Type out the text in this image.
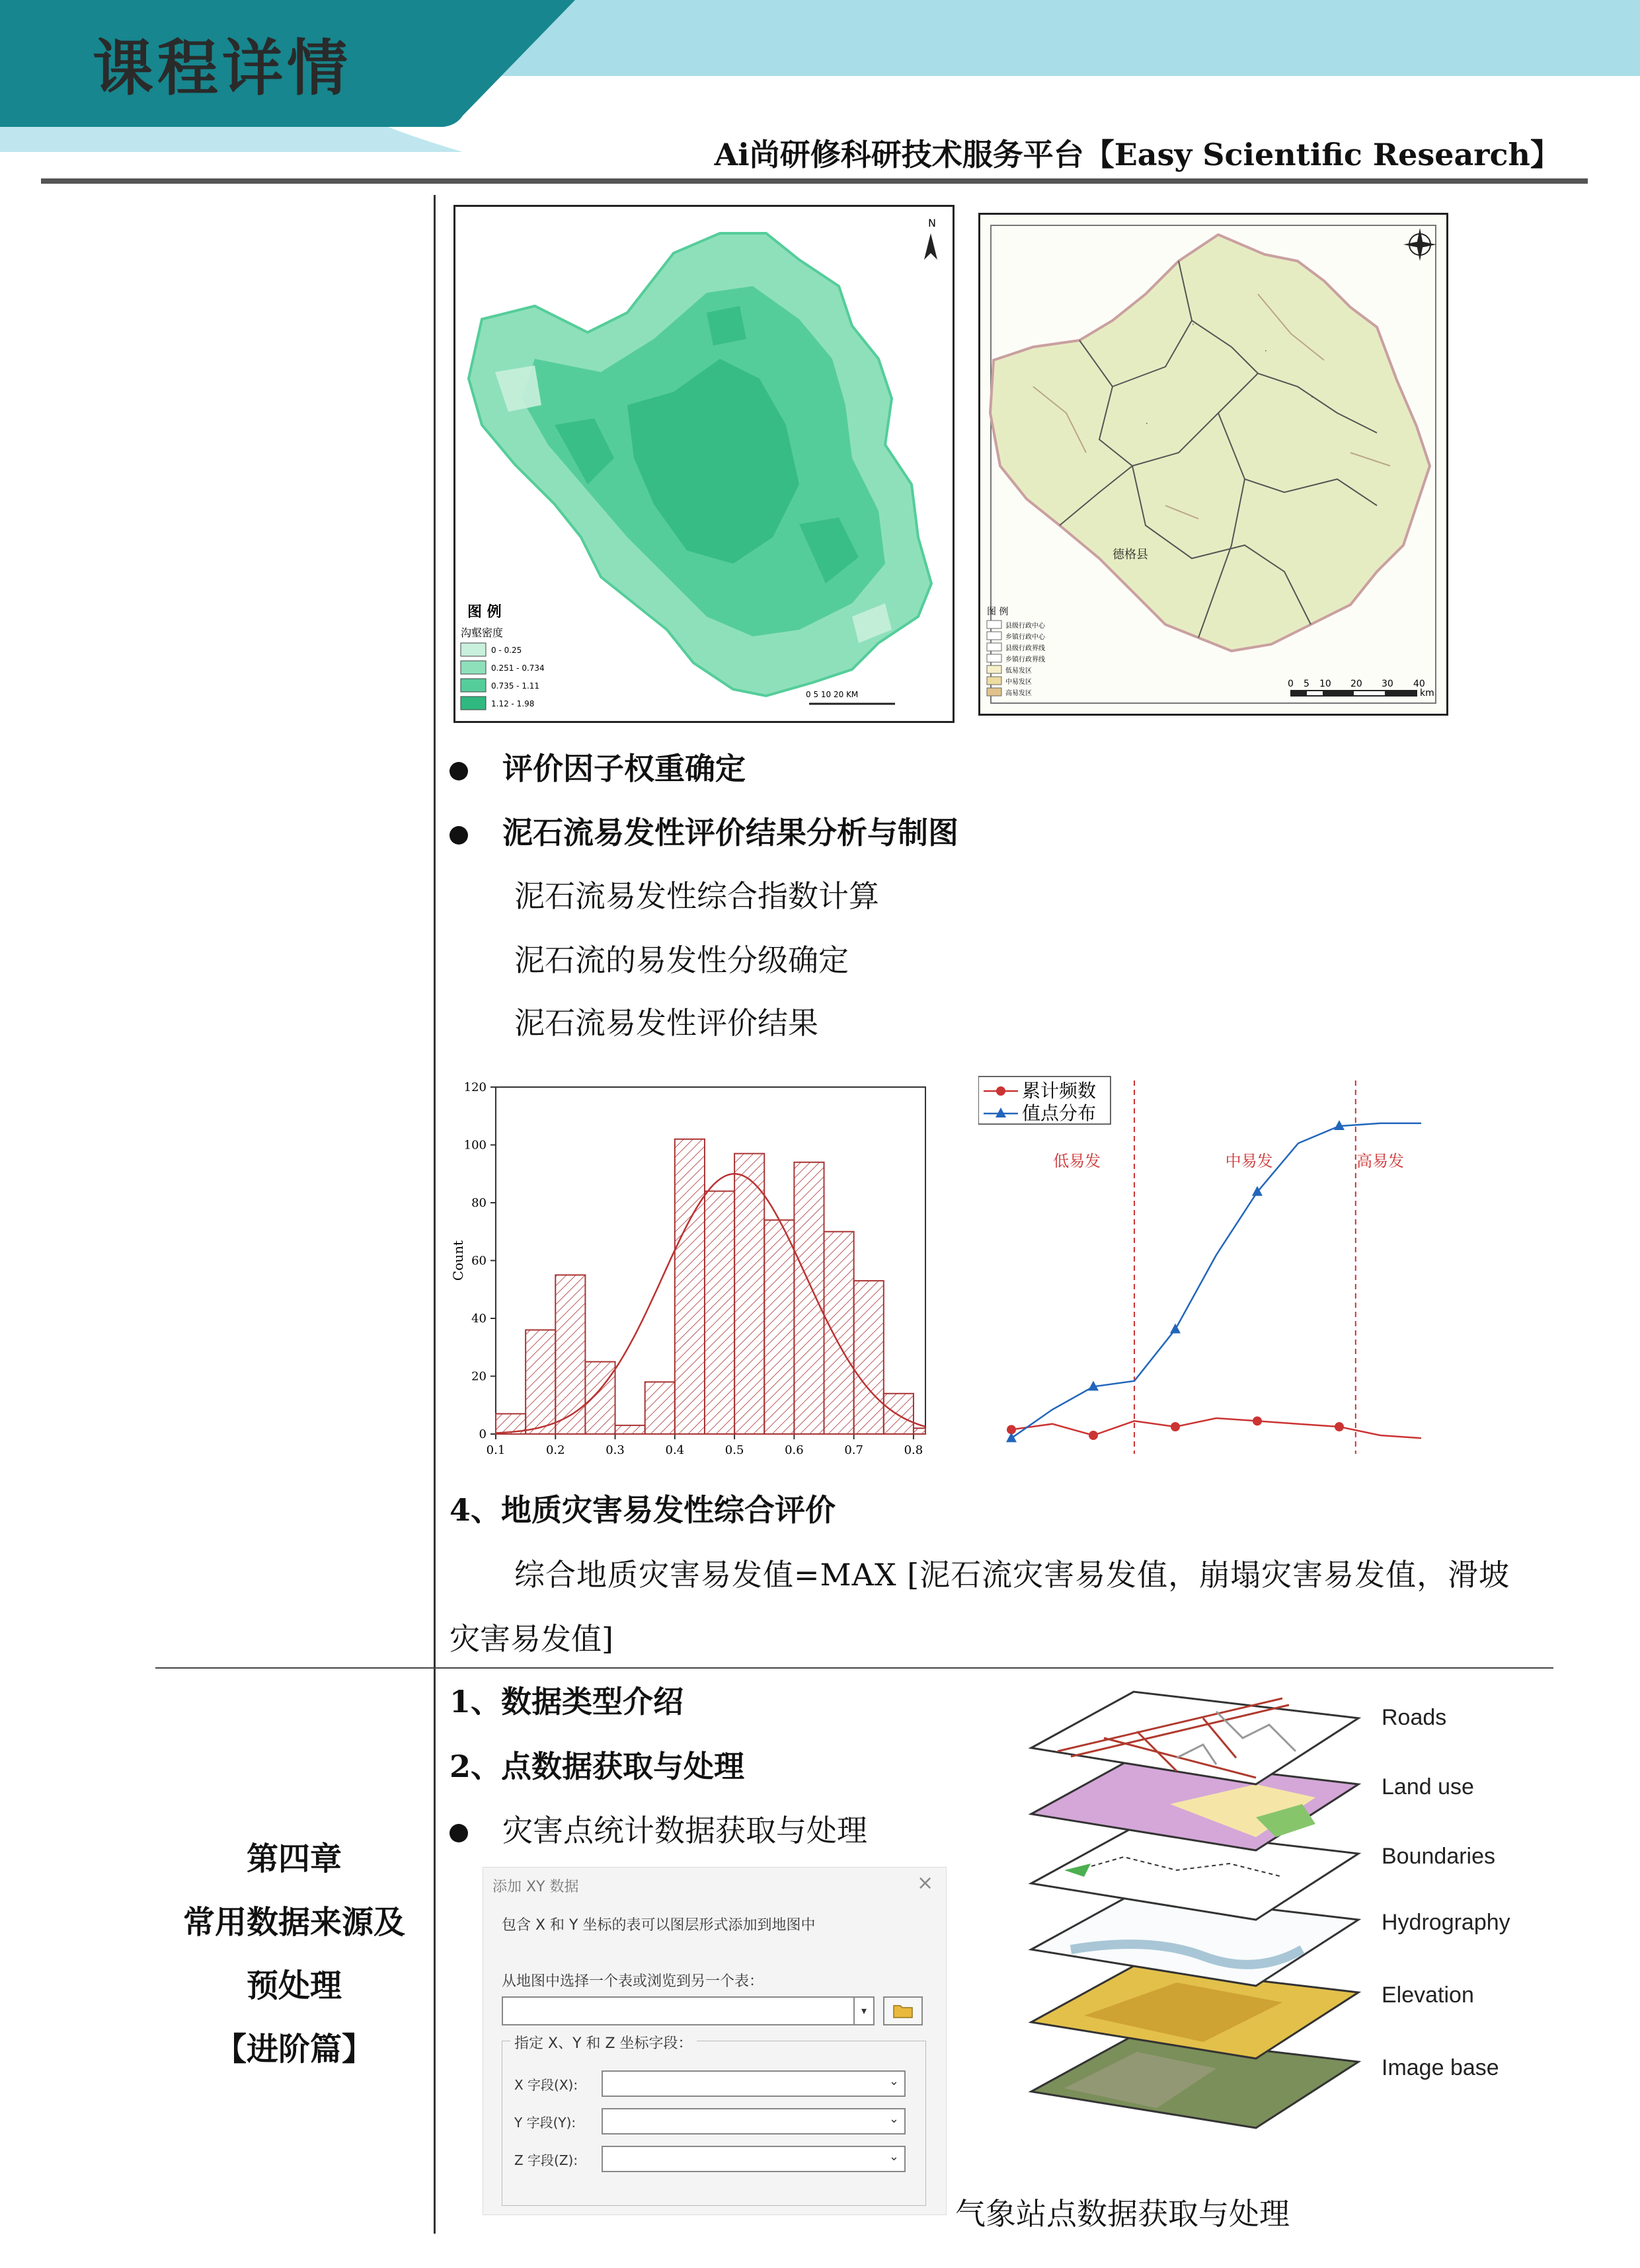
课程详情
Ai尚研修科研技术服务平台【Easy Scientific Research】
N
图 例
沟壑密度
0 - 0.25
0.251 - 0.734
0.735 - 1.11
1.12 - 1.98
0 5 10 20 KM
·
·
·
·
德格县
图 例
县级行政中心
乡镇行政中心
县级行政界线
乡镇行政界线
低易发区
中易发区
高易发区
0 5 10 20 30 40
km
评价因子权重确定
泥石流易发性评价结果分析与制图
泥石流易发性综合指数计算
泥石流的易发性分级确定
泥石流易发性评价结果
0
20
40
60
80
100
120
0.1	0.2	0.3	0.4	0.5	0.6	0.7	0.8
Count
低易发	中易发	高易发
累计频数
值点分布
4、地质灾害易发性综合评价
综合地质灾害易发值=MAX [泥石流灾害易发值，崩塌灾害易发值，滑坡
灾害易发值]
第四章
常用数据来源及
预处理
【进阶篇】
1、数据类型介绍
2、点数据获取与处理
灾害点统计数据获取与处理
添加 XY 数据	×
包含 X 和 Y 坐标的表可以图层形式添加到地图中
从地图中选择一个表或浏览到另一个表：
▾
指定 X、Y 和 Z 坐标字段：
X 字段(X):	⌄
Y 字段(Y):	⌄
Z 字段(Z):	⌄
Roads
Land use
Boundaries
Hydrography
Elevation
Image base
气象站点数据获取与处理
